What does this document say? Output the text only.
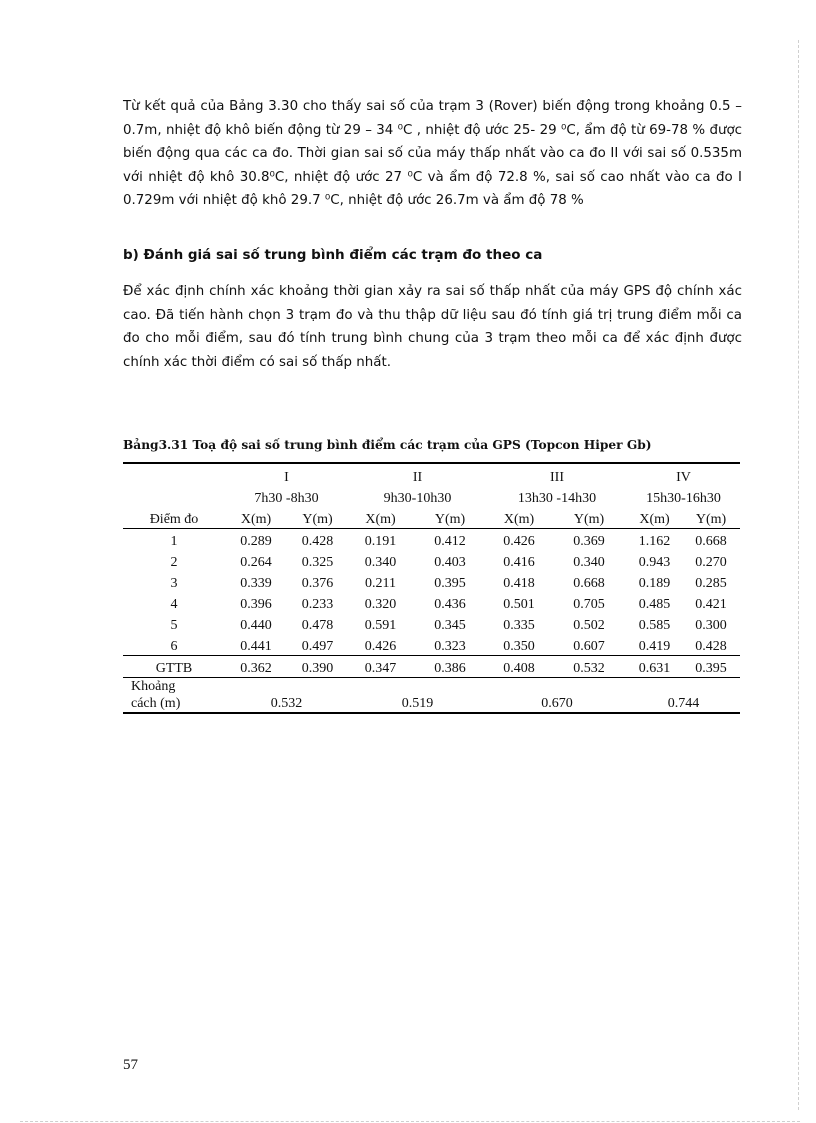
Từ kết quả của Bảng 3.30 cho thấy sai số của trạm 3 (Rover) biến động trong khoảng 0.5 – 0.7m, nhiệt độ khô biến động từ 29 – 34 ⁰C , nhiệt độ ước 25- 29 ⁰C, ẩm độ từ 69-78 % được biến động qua các ca đo. Thời gian sai số của máy thấp nhất vào ca đo II với sai số 0.535m với nhiệt độ khô 30.8⁰C, nhiệt độ ước 27 ⁰C và ẩm độ 72.8 %, sai số cao nhất vào ca đo I 0.729m với nhiệt độ khô 29.7 ⁰C, nhiệt độ ước 26.7m và ẩm độ 78 %

b) Đánh giá sai số trung bình điểm các trạm đo theo ca

Để xác định chính xác khoảng thời gian xảy ra sai số thấp nhất của máy GPS độ chính xác cao. Đã tiến hành chọn 3 trạm đo và thu thập dữ liệu sau đó tính giá trị trung điểm mỗi ca đo cho mỗi điểm, sau đó tính trung bình chung của 3 trạm theo mỗi ca để xác định được chính xác thời điểm có sai số thấp nhất.

Bảng3.31 Toạ độ sai số trung bình điểm các trạm của GPS (Topcon Hiper Gb)

	I		II		III		IV	
	7h30 -8h30		9h30-10h30		13h30 -14h30		15h30-16h30	
Điểm đo	X(m)	Y(m)	X(m)	Y(m)	X(m)	Y(m)	X(m)	Y(m)
1	0.289	0.428	0.191	0.412	0.426	0.369	1.162	0.668
2	0.264	0.325	0.340	0.403	0.416	0.340	0.943	0.270
3	0.339	0.376	0.211	0.395	0.418	0.668	0.189	0.285
4	0.396	0.233	0.320	0.436	0.501	0.705	0.485	0.421
5	0.440	0.478	0.591	0.345	0.335	0.502	0.585	0.300
6	0.441	0.497	0.426	0.323	0.350	0.607	0.419	0.428
GTTB	0.362	0.390	0.347	0.386	0.408	0.532	0.631	0.395
Khoảng
cách (m)	0.532		0.519		0.670		0.744	

57
